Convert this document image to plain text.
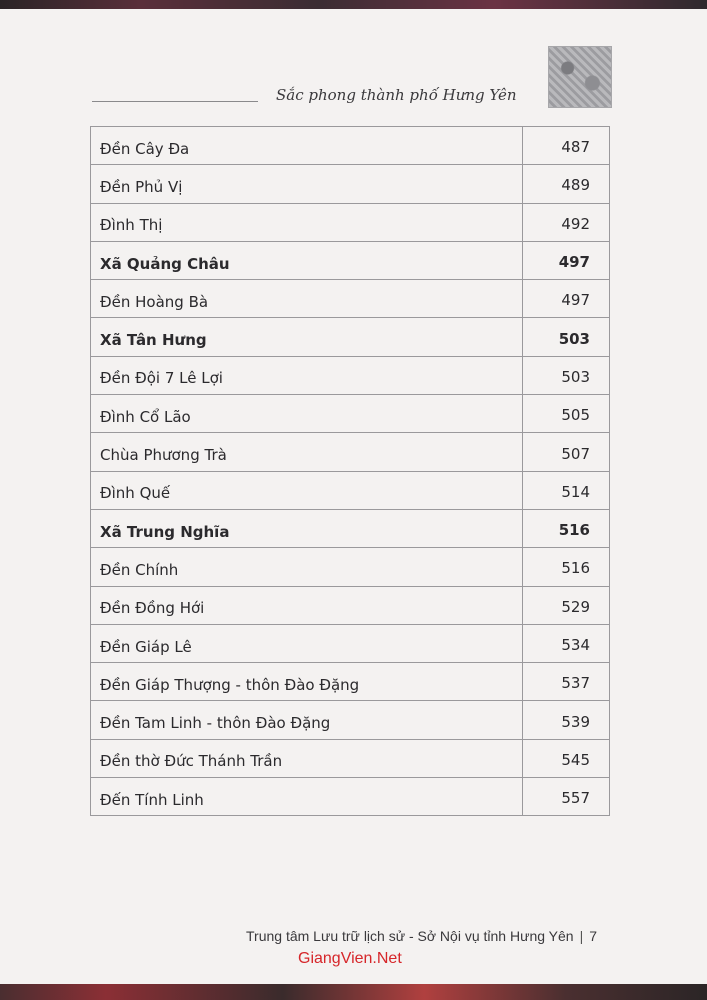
Sắc phong thành phố Hưng Yên
Đền Cây Đa	487
Đền Phủ Vị	489
Đình Thị	492
Xã Quảng Châu	497
Đền Hoàng Bà	497
Xã Tân Hưng	503
Đền Đội 7 Lê Lợi	503
Đình Cổ Lão	505
Chùa Phương Trà	507
Đình Quế	514
Xã Trung Nghĩa	516
Đền Chính	516
Đền Đồng Hới	529
Đền Giáp Lê	534
Đền Giáp Thượng - thôn Đào Đặng	537
Đền Tam Linh - thôn Đào Đặng	539
Đền thờ Đức Thánh Trần	545
Đến Tính Linh	557
Trung tâm Lưu trữ lịch sử - Sở Nội vụ tỉnh Hưng Yên | 7
GiangVien.Net
